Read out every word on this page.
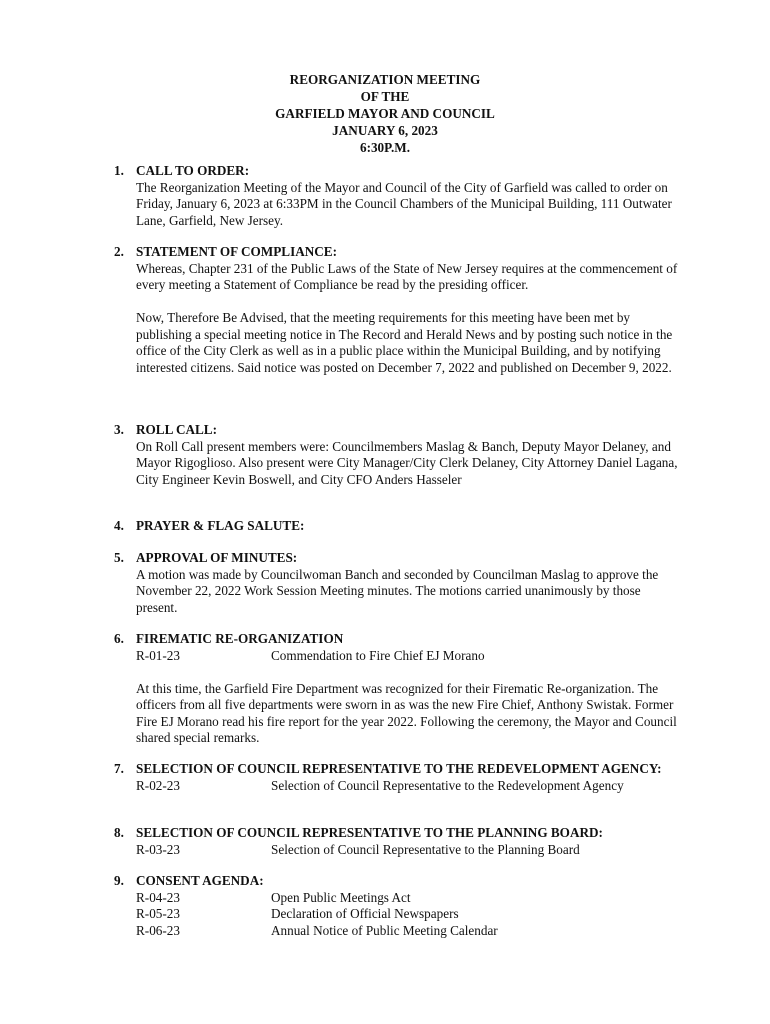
REORGANIZATION MEETING
OF THE
GARFIELD MAYOR AND COUNCIL
JANUARY 6, 2023
6:30P.M.
1. CALL TO ORDER:

The Reorganization Meeting of the Mayor and Council of the City of Garfield was called to order on Friday, January 6, 2023 at 6:33PM in the Council Chambers of the Municipal Building, 111 Outwater Lane, Garfield, New Jersey.

2. STATEMENT OF COMPLIANCE:

Whereas, Chapter 231 of the Public Laws of the State of New Jersey requires at the commencement of every meeting a Statement of Compliance be read by the presiding officer.

Now, Therefore Be Advised, that the meeting requirements for this meeting have been met by publishing a special meeting notice in The Record and Herald News and by posting such notice in the office of the City Clerk as well as in a public place within the Municipal Building, and by notifying interested citizens. Said notice was posted on December 7, 2022 and published on December 9, 2022.

3. ROLL CALL:

On Roll Call present members were: Councilmembers Maslag & Banch, Deputy Mayor Delaney, and Mayor Rigoglioso. Also present were City Manager/City Clerk Delaney, City Attorney Daniel Lagana, City Engineer Kevin Boswell, and City CFO Anders Hasseler

4. PRAYER & FLAG SALUTE:
5. APPROVAL OF MINUTES:

A motion was made by Councilwoman Banch and seconded by Councilman Maslag to approve the November 22, 2022 Work Session Meeting minutes. The motions carried unanimously by those present.

6. FIREMATIC RE-ORGANIZATION
R-01-23	Commendation to Fire Chief EJ Morano

At this time, the Garfield Fire Department was recognized for their Firematic Re-organization. The officers from all five departments were sworn in as was the new Fire Chief, Anthony Swistak. Former Fire EJ Morano read his fire report for the year 2022. Following the ceremony, the Mayor and Council shared special remarks.

7. SELECTION OF COUNCIL REPRESENTATIVE TO THE REDEVELOPMENT AGENCY:
R-02-23	Selection of Council Representative to the Redevelopment Agency
8. SELECTION OF COUNCIL REPRESENTATIVE TO THE PLANNING BOARD:
R-03-23	Selection of Council Representative to the Planning Board
9. CONSENT AGENDA:
R-04-23	Open Public Meetings Act
R-05-23	Declaration of Official Newspapers
R-06-23	Annual Notice of Public Meeting Calendar
